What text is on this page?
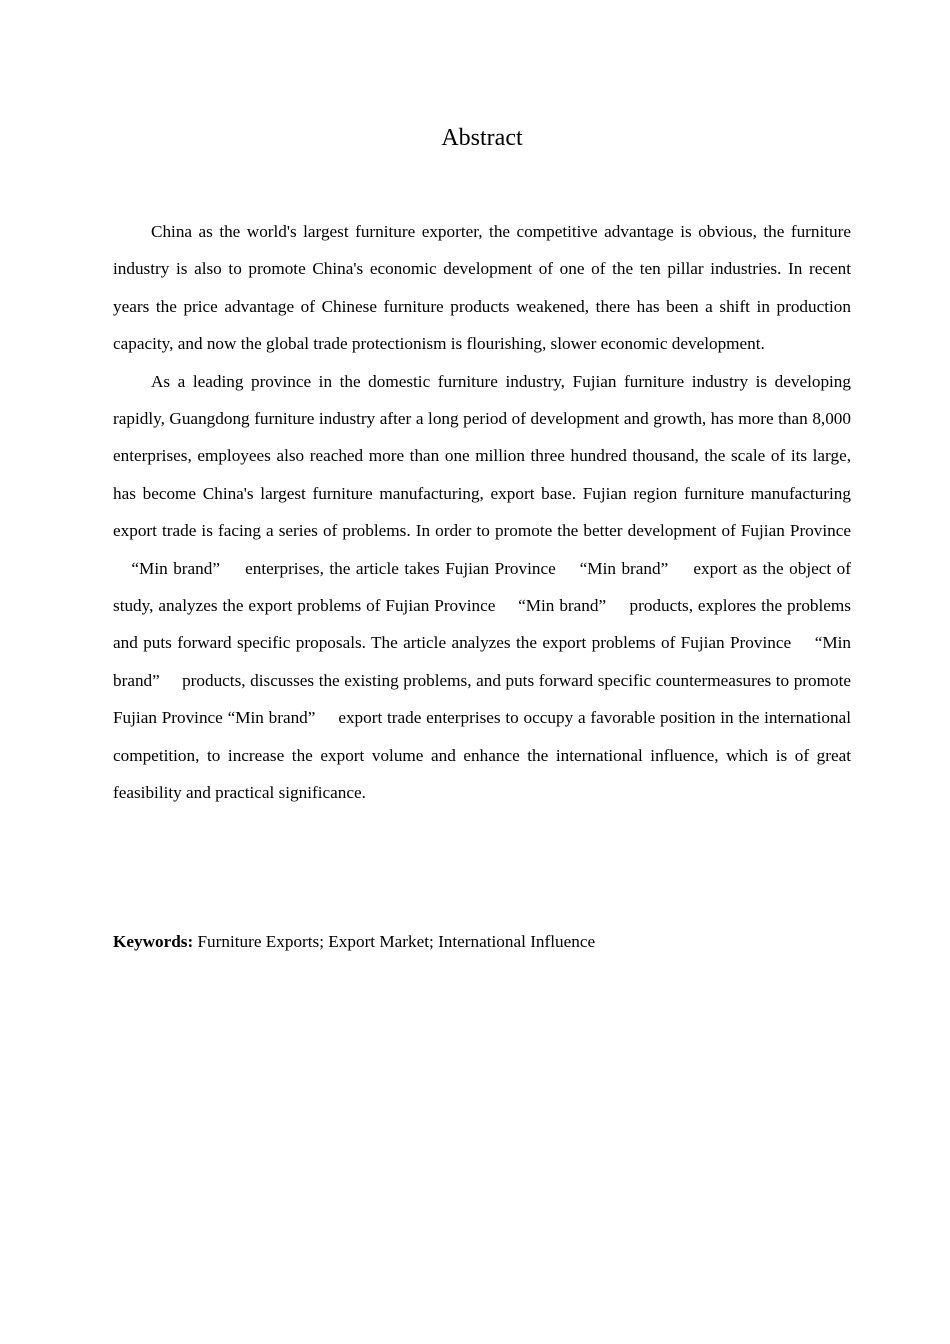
Abstract

China as the world's largest furniture exporter, the competitive advantage is obvious, the furniture industry is also to promote China's economic development of one of the ten pillar industries. In recent years the price advantage of Chinese furniture products weakened, there has been a shift in production capacity, and now the global trade protectionism is flourishing, slower economic development.

As a leading province in the domestic furniture industry, Fujian furniture industry is developing rapidly, Guangdong furniture industry after a long period of development and growth, has more than 8,000 enterprises, employees also reached more than one million three hundred thousand, the scale of its large, has become China's largest furniture manufacturing, export base. Fujian region furniture manufacturing export trade is facing a series of problems. In order to promote the better development of Fujian Province 　“Min brand”　 enterprises, the article takes Fujian Province 　“Min brand”　 export as the object of study, analyzes the export problems of Fujian Province 　“Min brand”　 products, explores the problems and puts forward specific proposals. The article analyzes the export problems of Fujian Province 　“Min brand”　 products, discusses the existing problems, and puts forward specific countermeasures to promote Fujian Province “Min brand”　 export trade enterprises to occupy a favorable position in the international competition, to increase the export volume and enhance the international influence, which is of great feasibility and practical significance.

Keywords: Furniture Exports; Export Market; International Influence
